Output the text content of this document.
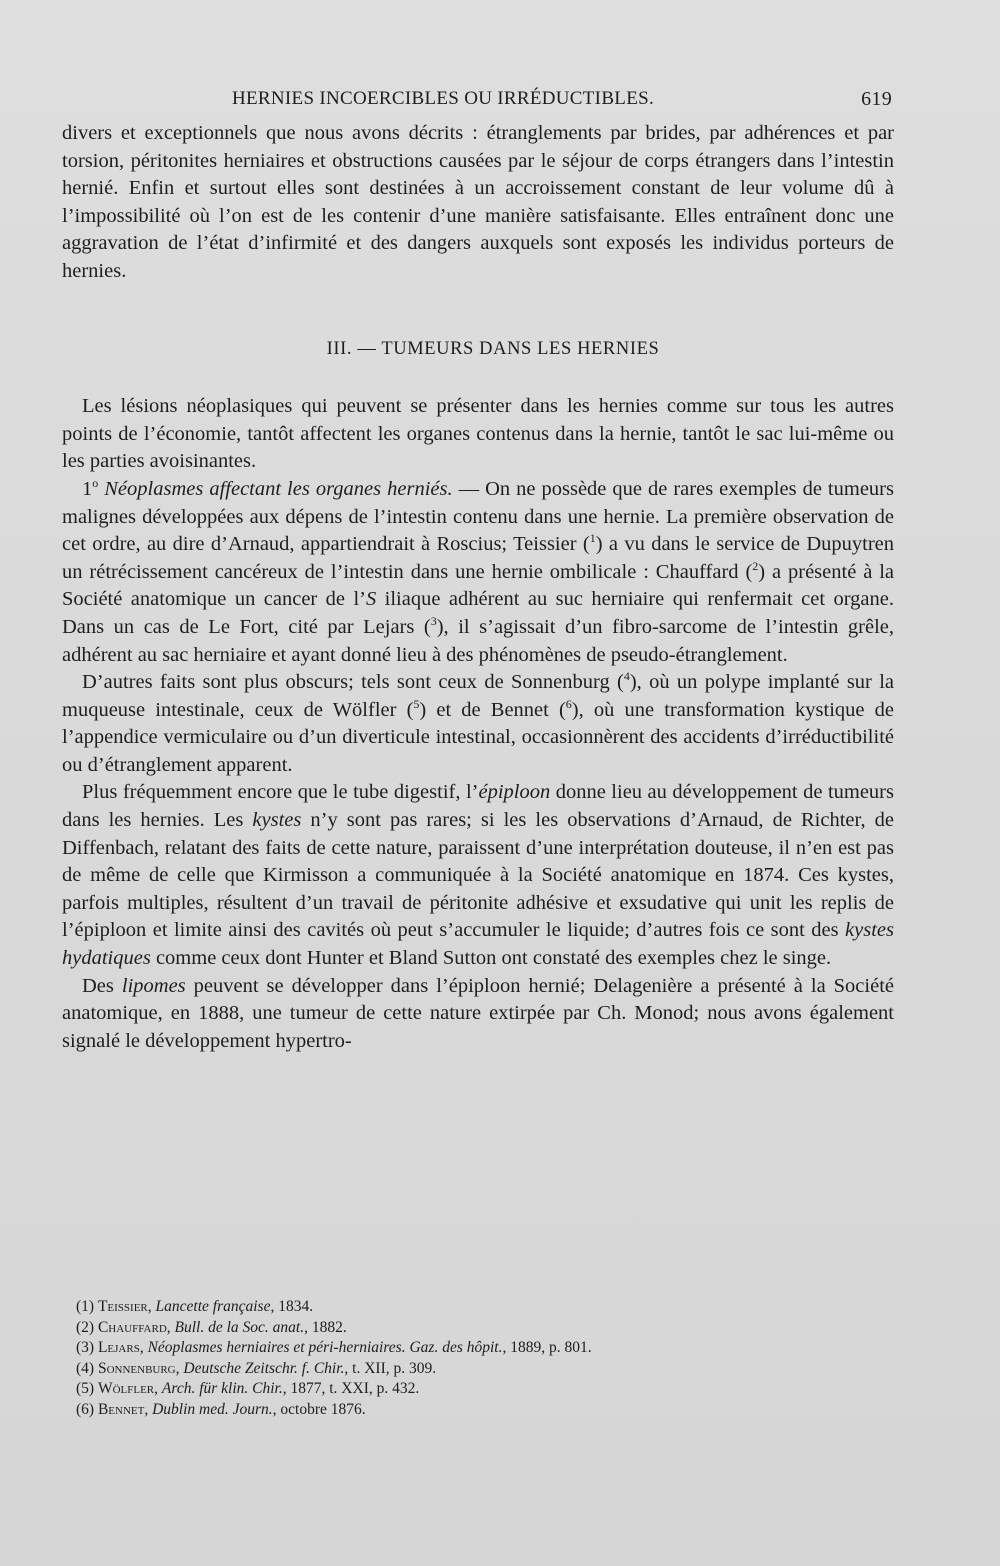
HERNIES INCOERCIBLES OU IRRÉDUCTIBLES.	619

divers et exceptionnels que nous avons décrits : étranglements par brides, par adhérences et par torsion, péritonites herniaires et obstructions causées par le séjour de corps étrangers dans l’intestin hernié. Enfin et surtout elles sont destinées à un accroissement constant de leur volume dû à l’impossibilité où l’on est de les contenir d’une manière satisfaisante. Elles entraînent donc une aggravation de l’état d’infirmité et des dangers auxquels sont exposés les individus porteurs de hernies.

III. — TUMEURS DANS LES HERNIES

Les lésions néoplasiques qui peuvent se présenter dans les hernies comme sur tous les autres points de l’économie, tantôt affectent les organes contenus dans la hernie, tantôt le sac lui-même ou les parties avoisinantes.

1$^o$ Néoplasmes affectant les organes herniés. — On ne possède que de rares exemples de tumeurs malignes développées aux dépens de l’intestin contenu dans une hernie. La première observation de cet ordre, au dire d’Arnaud, appartiendrait à Roscius; Teissier ($^1$) a vu dans le service de Dupuytren un rétrécissement cancéreux de l’intestin dans une hernie ombilicale : Chauffard ($^2$) a présenté à la Société anatomique un cancer de l’S iliaque adhérent au suc herniaire qui renfermait cet organe. Dans un cas de Le Fort, cité par Lejars ($^3$), il s’agissait d’un fibro-sarcome de l’intestin grêle, adhérent au sac herniaire et ayant donné lieu à des phénomènes de pseudo-étranglement.

D’autres faits sont plus obscurs; tels sont ceux de Sonnenburg ($^4$), où un polype implanté sur la muqueuse intestinale, ceux de Wölfler ($^5$) et de Bennet ($^6$), où une transformation kystique de l’appendice vermiculaire ou d’un diverticule intestinal, occasionnèrent des accidents d’irréductibilité ou d’étranglement apparent.

Plus fréquemment encore que le tube digestif, l’épiploon donne lieu au développement de tumeurs dans les hernies. Les kystes n’y sont pas rares; si les les observations d’Arnaud, de Richter, de Diffenbach, relatant des faits de cette nature, paraissent d’une interprétation douteuse, il n’en est pas de même de celle que Kirmisson a communiquée à la Société anatomique en 1874. Ces kystes, parfois multiples, résultent d’un travail de péritonite adhésive et exsudative qui unit les replis de l’épiploon et limite ainsi des cavités où peut s’accumuler le liquide; d’autres fois ce sont des kystes hydatiques comme ceux dont Hunter et Bland Sutton ont constaté des exemples chez le singe.

Des lipomes peuvent se développer dans l’épiploon hernié; Delagenière a présenté à la Société anatomique, en 1888, une tumeur de cette nature extirpée par Ch. Monod; nous avons également signalé le développement hypertro-

(1) Teissier, Lancette française, 1834.

(2) Chauffard, Bull. de la Soc. anat., 1882.

(3) Lejars, Néoplasmes herniaires et péri-herniaires. Gaz. des hôpit., 1889, p. 801.

(4) Sonnenburg, Deutsche Zeitschr. f. Chir., t. XII, p. 309.

(5) Wölfler, Arch. für klin. Chir., 1877, t. XXI, p. 432.

(6) Bennet, Dublin med. Journ., octobre 1876.
